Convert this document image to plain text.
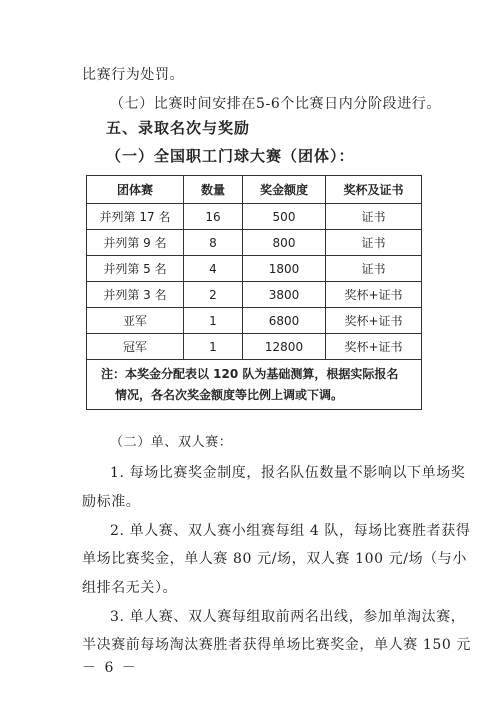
比赛行为处罚。
（七）比赛时间安排在5-6个比赛日内分阶段进行。
五、录取名次与奖励
（一）全国职工门球大赛（团体）：
团体赛	数量	奖金额度	奖杯及证书
并列第 17 名	16	500	证书
并列第 9 名	8	800	证书
并列第 5 名	4	1800	证书
并列第 3 名	2	3800	奖杯+证书
亚军	1	6800	奖杯+证书
冠军	1	12800	奖杯+证书

注：本奖金分配表以 120 队为基础测算，根据实际报名
情况，各名次奖金额度等比例上调或下调。			
（二）单、双人赛：
1. 每场比赛奖金制度，报名队伍数量不影响以下单场奖
励标准。
2. 单人赛、双人赛小组赛每组 4 队，每场比赛胜者获得
单场比赛奖金，单人赛 80 元/场，双人赛 100 元/场（与小
组排名无关）。
3. 单人赛、双人赛每组取前两名出线，参加单淘汰赛，
半决赛前每场淘汰赛胜者获得单场比赛奖金，单人赛 150 元
－ 6 －
